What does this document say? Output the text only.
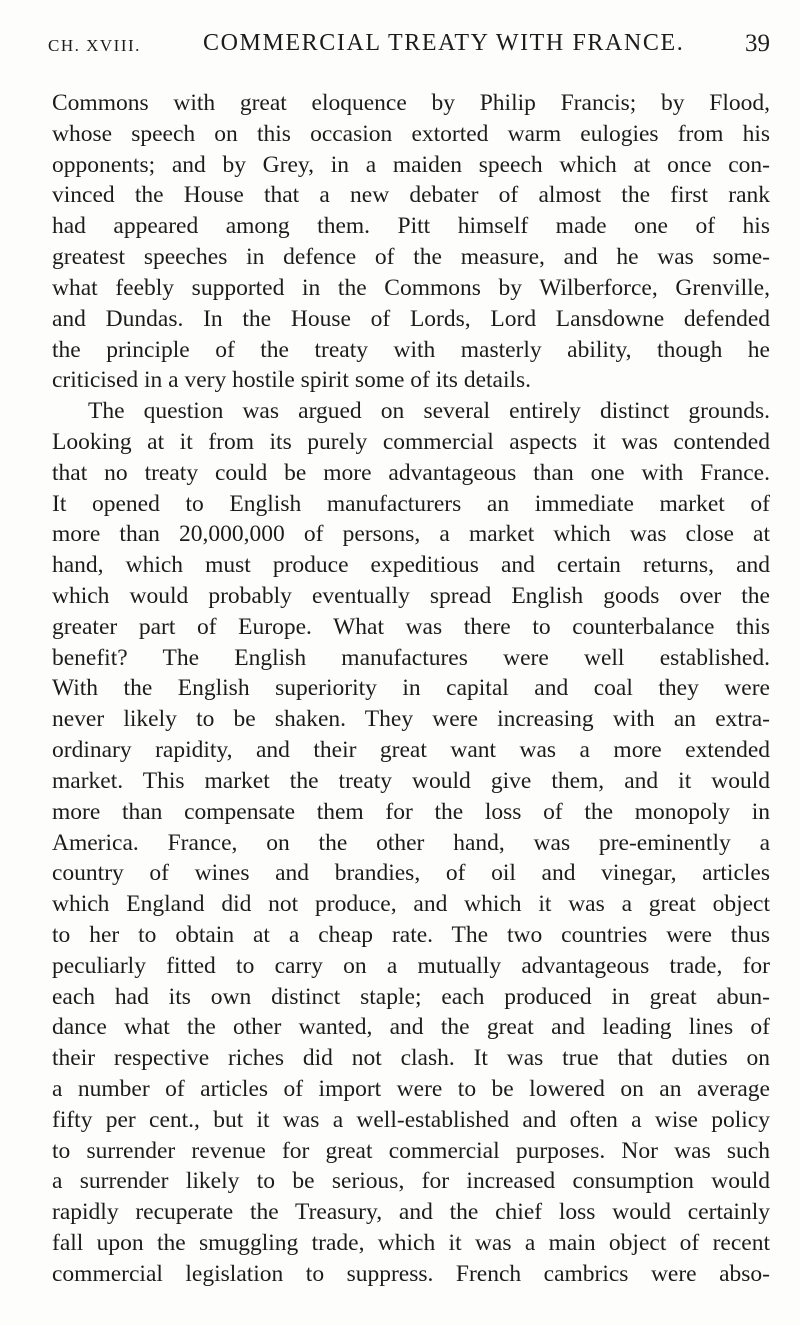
CH. XVIII.	COMMERCIAL TREATY WITH FRANCE. 39
Commons with great eloquence by Philip Francis; by Flood,
whose speech on this occasion extorted warm eulogies from his
opponents; and by Grey, in a maiden speech which at once con-
vinced the House that a new debater of almost the first rank
had appeared among them. Pitt himself made one of his
greatest speeches in defence of the measure, and he was some-
what feebly supported in the Commons by Wilberforce, Grenville,
and Dundas. In the House of Lords, Lord Lansdowne defended
the principle of the treaty with masterly ability, though he
criticised in a very hostile spirit some of its details.
The question was argued on several entirely distinct grounds.
Looking at it from its purely commercial aspects it was contended
that no treaty could be more advantageous than one with France.
It opened to English manufacturers an immediate market of
more than 20,000,000 of persons, a market which was close at
hand, which must produce expeditious and certain returns, and
which would probably eventually spread English goods over the
greater part of Europe. What was there to counterbalance this
benefit? The English manufactures were well established.
With the English superiority in capital and coal they were
never likely to be shaken. They were increasing with an extra-
ordinary rapidity, and their great want was a more extended
market. This market the treaty would give them, and it would
more than compensate them for the loss of the monopoly in
America. France, on the other hand, was pre-eminently a
country of wines and brandies, of oil and vinegar, articles
which England did not produce, and which it was a great object
to her to obtain at a cheap rate. The two countries were thus
peculiarly fitted to carry on a mutually advantageous trade, for
each had its own distinct staple; each produced in great abun-
dance what the other wanted, and the great and leading lines of
their respective riches did not clash. It was true that duties on
a number of articles of import were to be lowered on an average
fifty per cent., but it was a well-established and often a wise policy
to surrender revenue for great commercial purposes. Nor was such
a surrender likely to be serious, for increased consumption would
rapidly recuperate the Treasury, and the chief loss would certainly
fall upon the smuggling trade, which it was a main object of recent
commercial legislation to suppress. French cambrics were abso-
